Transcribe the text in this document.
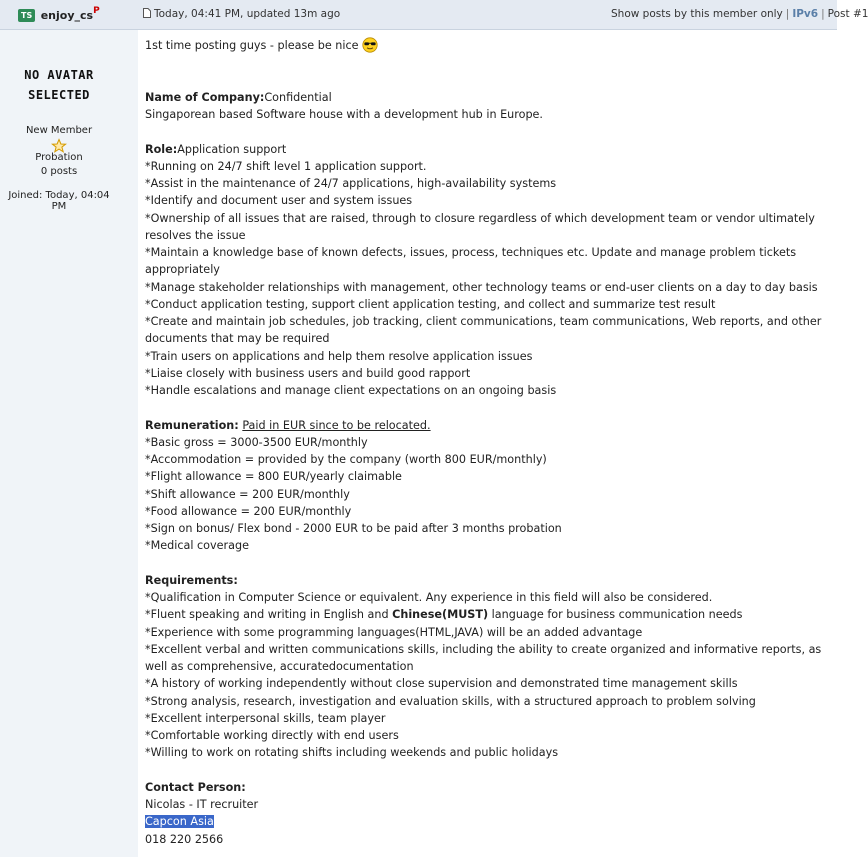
TS $enjoy\_cs^P$	Today, 04:41 PM, updated 13m ago	Show posts by this member only | IPv6 | Post #1
NO AVATAR
SELECTED
New Member
Probation
0 posts
Joined: Today, 04:04 PM

1st time posting guys - please be nice

Name of Company:Confidential

Singaporean based Software house with a development hub in Europe.

Role:Application support

*Running on 24/7 shift level 1 application support.

*Assist in the maintenance of 24/7 applications, high-availability systems

*Identify and document user and system issues

*Ownership of all issues that are raised, through to closure regardless of which development team or vendor ultimately resolves the issue

*Maintain a knowledge base of known defects, issues, process, techniques etc. Update and manage problem tickets appropriately

*Manage stakeholder relationships with management, other technology teams or end-user clients on a day to day basis

*Conduct application testing, support client application testing, and collect and summarize test result

*Create and maintain job schedules, job tracking, client communications, team communications, Web reports, and other documents that may be required

*Train users on applications and help them resolve application issues

*Liaise closely with business users and build good rapport

*Handle escalations and manage client expectations on an ongoing basis

Remuneration: Paid in EUR since to be relocated.

*Basic gross = 3000-3500 EUR/monthly

*Accommodation = provided by the company (worth 800 EUR/monthly)

*Flight allowance = 800 EUR/yearly claimable

*Shift allowance = 200 EUR/monthly

*Food allowance = 200 EUR/monthly

*Sign on bonus/ Flex bond - 2000 EUR to be paid after 3 months probation

*Medical coverage

Requirements:

*Qualification in Computer Science or equivalent. Any experience in this field will also be considered.

*Fluent speaking and writing in English and Chinese(MUST) language for business communication needs

*Experience with some programming languages(HTML,JAVA) will be an added advantage

*Excellent verbal and written communications skills, including the ability to create organized and informative reports, as well as comprehensive, accuratedocumentation

*A history of working independently without close supervision and demonstrated time management skills

*Strong analysis, research, investigation and evaluation skills, with a structured approach to problem solving

*Excellent interpersonal skills, team player

*Comfortable working directly with end users

*Willing to work on rotating shifts including weekends and public holidays

Contact Person:

Nicolas - IT recruiter

Capcon Asia

018 220 2566
